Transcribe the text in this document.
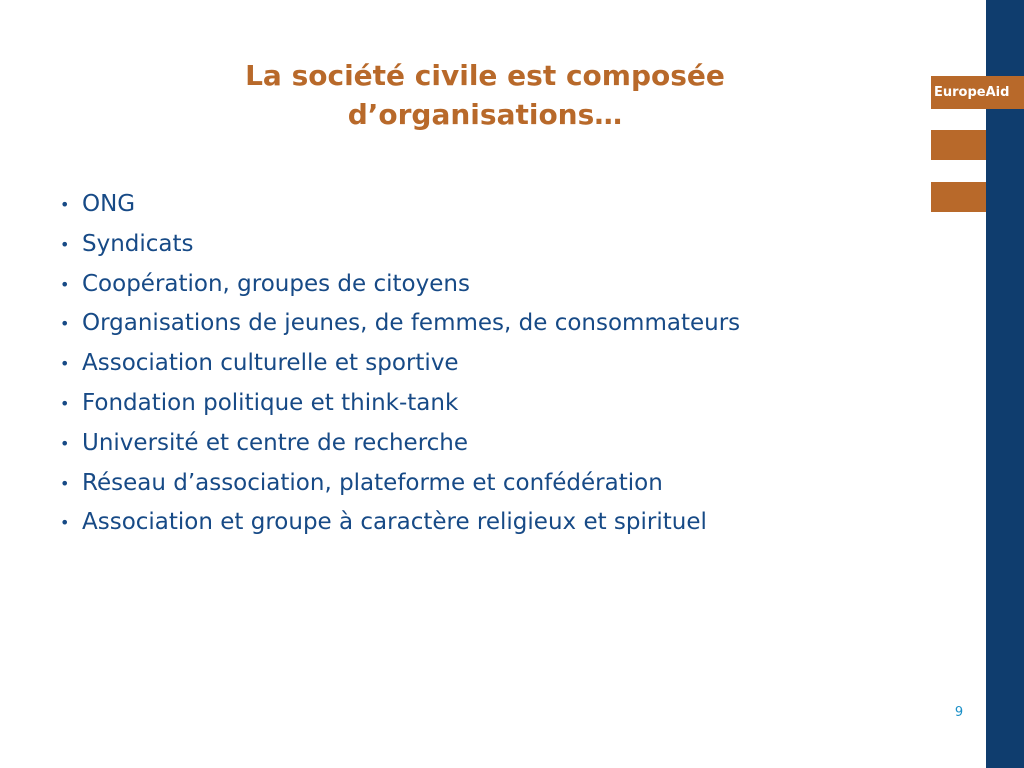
EuropeAid
La société civile est composée
d’organisations…
• ONG
• Syndicats
• Coopération, groupes de citoyens
• Organisations de jeunes, de femmes, de consommateurs
• Association culturelle et sportive
• Fondation politique et think-tank
• Université et centre de recherche
• Réseau d’association, plateforme et confédération
• Association et groupe à caractère religieux et spirituel
9
